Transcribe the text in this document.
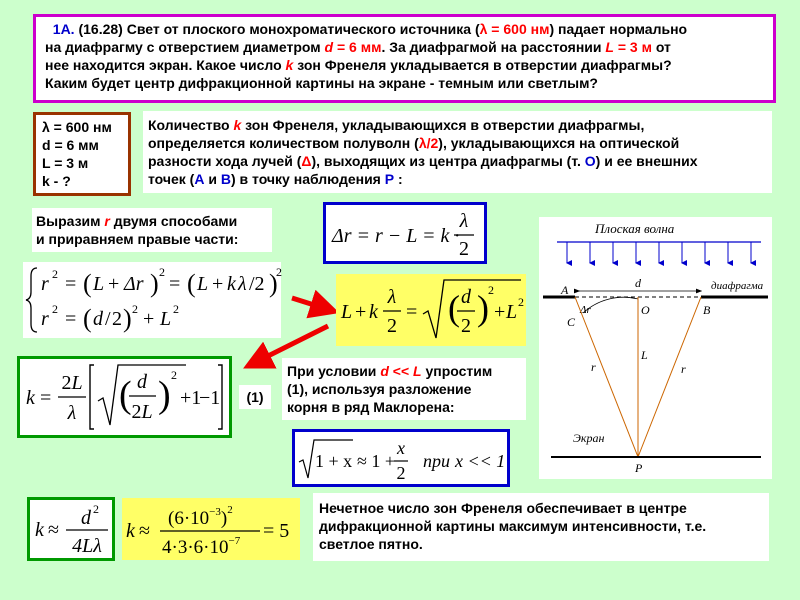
1А. (16.28) Свет от плоского монохроматического источника (λ = 600 нм) падает нормально
на диафрагму с отверстием диаметром d = 6 мм. За диафрагмой на расстоянии L = 3 м от
нее находится экран. Какое число k зон Френеля укладывается в отверстии диафрагмы?
Каким будет центр дифракционной картины на экране - темным или светлым?
λ = 600 нм
d = 6 мм
L = 3 м
k - ?
Количество k зон Френеля, укладывающихся в отверстии диафрагмы,
определяется количеством полуволн (λ/2), укладывающихся на оптической
разности хода лучей (Δ), выходящих из центра диафрагмы (т. О) и ее внешних
точек (А и В) в точку наблюдения Р :
Выразим r двумя способами
и приравняем правые части:	Δr = r − L = k ·
λ
2
r 2 = ( L + Δr ) 2
= ( L + k λ /2 )
2
r 2 = ( d / 2 ) 2 + L 2	L + k
λ
2
= ( d
2 ) 2
+ L 2
k =
2L
λ ( d
2L ) 2
+1
−1	(1)
При условии d << L упростим
(1), используя разложение
корня в ряд Маклорена:
1 + x ≈ 1 +
x
2
при x << 1
k ≈
d 2
4Lλ
k ≈
$(6\cdot 10^{-3})^2$
$4\cdot 3\cdot 6\cdot 10^{-7} = 5$
Нечетное число зон Френеля обеспечивает в центре
дифракционной картины максимум интенсивности, т.е.
светлое пятно.
Плоская волна
d	диафрагма
A
O	B
C
Δr
L
r	r
Экран
P
